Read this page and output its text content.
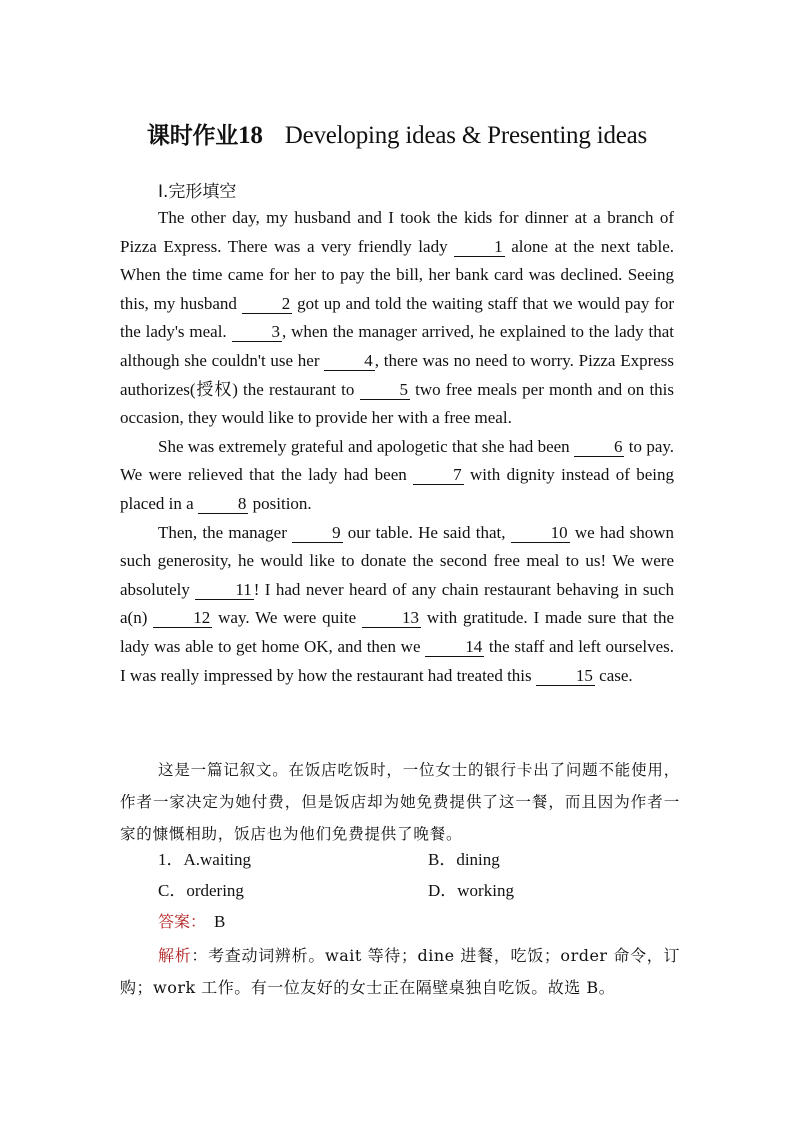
课时作业18 Developing ideas & Presenting ideas
Ⅰ.完形填空

The other day, my husband and I took the kids for dinner at a branch of Pizza Express. There was a very friendly lady	1 alone at the next table. When the time came for her to pay the bill, her bank card was declined. Seeing this, my husband	2 got up and told the waiting staff that we would pay for the lady's meal.	3 , when the manager arrived, he explained to the lady that although she couldn't use her	4 , there was no need to worry. Pizza Express authorizes(授权) the restaurant to	5 two free meals per month and on this occasion, they would like to provide her with a free meal.

She was extremely grateful and apologetic that she had been	6 to pay. We were relieved that the lady had been	7 with dignity instead of being placed in a	8 position.

Then, the manager	9 our table. He said that,	10 we had shown such generosity, he would like to donate the second free meal to us! We were absolutely	11 ! I had never heard of any chain restaurant behaving in such a(n)	12 way. We were quite	13 with gratitude. I made sure that the lady was able to get home OK, and then we	14 the staff and left ourselves. I was really impressed by how the restaurant had treated this	15 case.

这是一篇记叙文。在饭店吃饭时，一位女士的银行卡出了问题不能使用，作者一家决定为她付费，但是饭店却为她免费提供了这一餐，而且因为作者一家的慷慨相助，饭店也为他们免费提供了晚餐。
1．A.waiting	B．dining
C．ordering	D．working
答案： B
解析：考查动词辨析。wait 等待；dine 进餐，吃饭；order 命令，订购；work 工作。有一位友好的女士正在隔壁桌独自吃饭。故选 B。
